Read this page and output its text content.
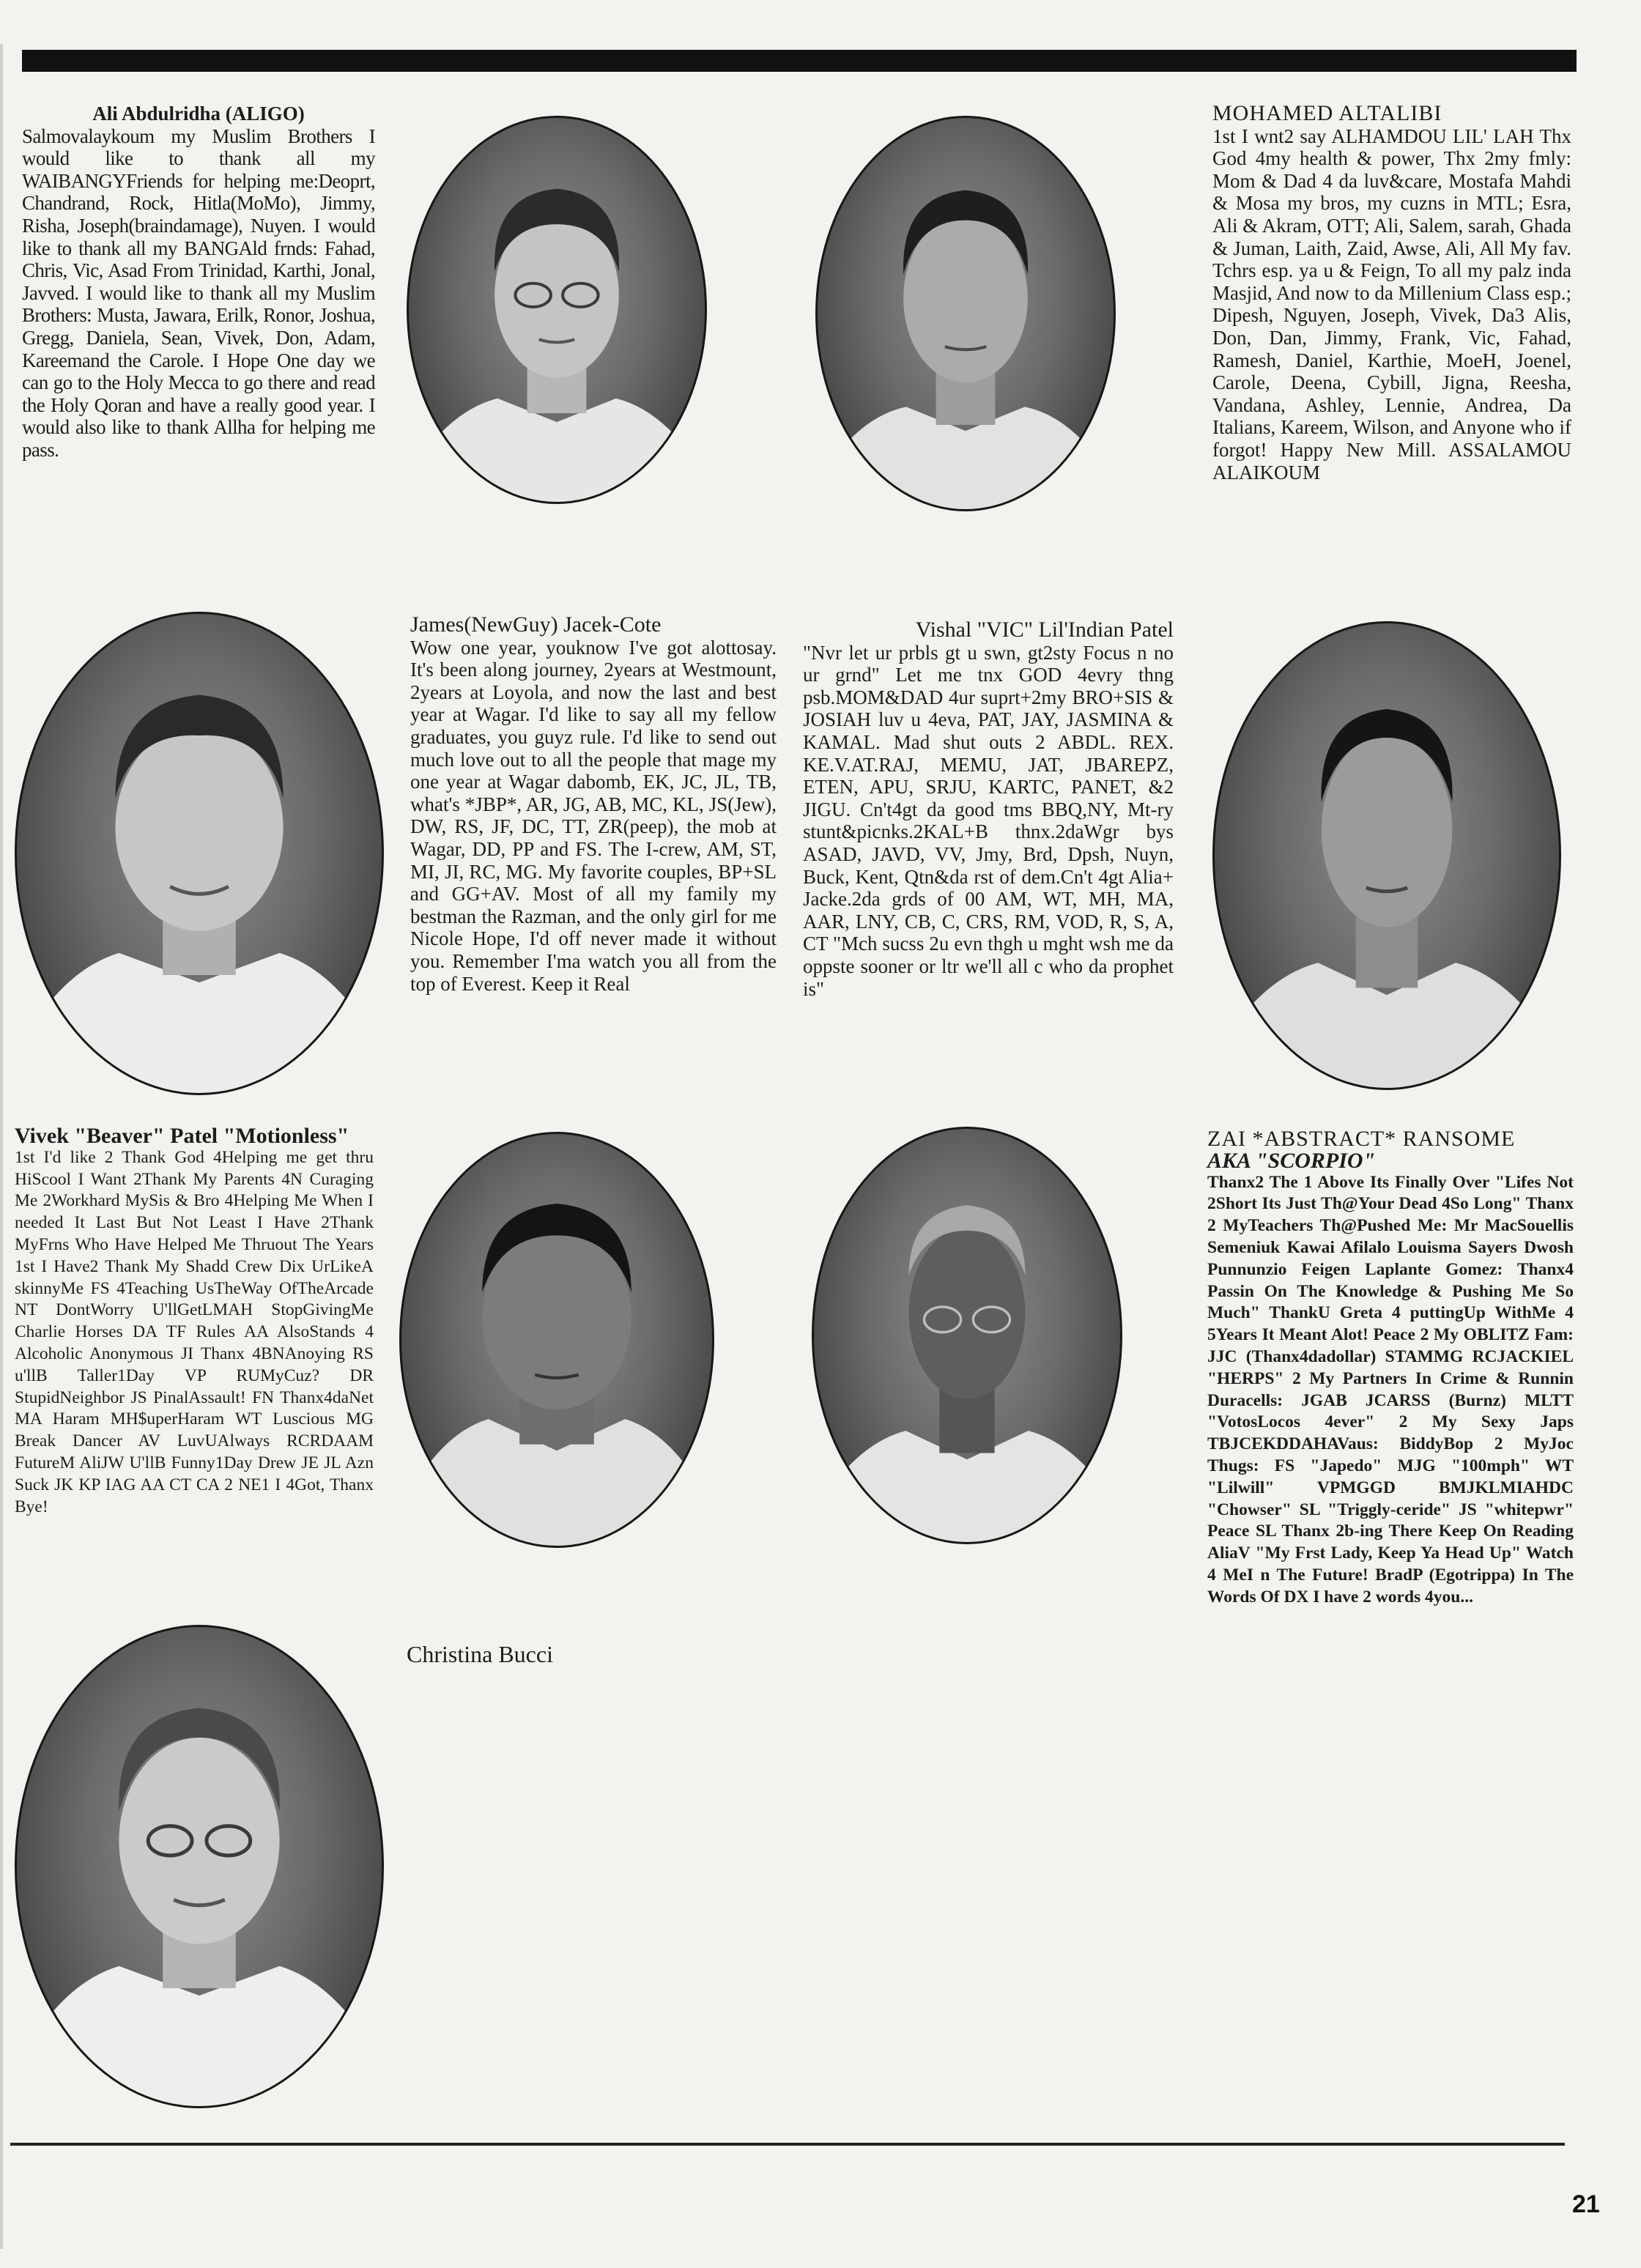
Ali Abdulridha (ALIGO)

Salmovalaykoum my Muslim Brothers I would like to thank all my WAIBANGYFriends for helping me:Deoprt, Chandrand, Rock, Hitla(MoMo), Jimmy, Risha, Joseph(braindamage), Nuyen. I would like to thank all my BANGAld frnds: Fahad, Chris, Vic, Asad From Trinidad, Karthi, Jonal, Javved. I would like to thank all my Muslim Brothers: Musta, Jawara, Erilk, Ronor, Joshua, Gregg, Daniela, Sean, Vivek, Don, Adam, Kareemand the Carole. I Hope One day we can go to the Holy Mecca to go there and read the Holy Qoran and have a really good year. I would also like to thank Allha for helping me pass.

MOHAMED ALTALIBI

1st I wnt2 say ALHAMDOU LIL' LAH Thx God 4my health & power, Thx 2my fmly: Mom & Dad 4 da luv&care, Mostafa Mahdi & Mosa my bros, my cuzns in MTL; Esra, Ali & Akram, OTT; Ali, Salem, sarah, Ghada & Juman, Laith, Zaid, Awse, Ali, All My fav. Tchrs esp. ya u & Feign, To all my palz inda Masjid, And now to da Millenium Class esp.; Dipesh, Nguyen, Joseph, Vivek, Da3 Alis, Don, Dan, Jimmy, Frank, Vic, Fahad, Ramesh, Daniel, Karthie, MoeH, Joenel, Carole, Deena, Cybill, Jigna, Reesha, Vandana, Ashley, Lennie, Andrea, Da Italians, Kareem, Wilson, and Anyone who if forgot! Happy New Mill. ASSALAMOU ALAIKOUM

James(NewGuy) Jacek-Cote

Wow one year, youknow I've got alottosay. It's been along journey, 2years at Westmount, 2years at Loyola, and now the last and best year at Wagar. I'd like to say all my fellow graduates, you guyz rule. I'd like to send out much love out to all the people that mage my one year at Wagar dabomb, EK, JC, JL, TB, what's *JBP*, AR, JG, AB, MC, KL, JS(Jew), DW, RS, JF, DC, TT, ZR(peep), the mob at Wagar, DD, PP and FS. The I-crew, AM, ST, MI, JI, RC, MG. My favorite couples, BP+SL and GG+AV. Most of all my family my bestman the Razman, and the only girl for me Nicole Hope, I'd off never made it without you. Remember I'ma watch you all from the top of Everest. Keep it Real

Vishal "VIC" Lil'Indian Patel

"Nvr let ur prbls gt u swn, gt2sty Focus n no ur grnd" Let me tnx GOD 4evry thng psb.MOM&DAD 4ur suprt+2my BRO+SIS & JOSIAH luv u 4eva, PAT, JAY, JASMINA & KAMAL. Mad shut outs 2 ABDL. REX. KE.V.AT.RAJ, MEMU, JAT, JBAREPZ, ETEN, APU, SRJU, KARTC, PANET, &2 JIGU. Cn't4gt da good tms BBQ,NY, Mt-ry stunt&picnks.2KAL+B thnx.2daWgr bys ASAD, JAVD, VV, Jmy, Brd, Dpsh, Nuyn, Buck, Kent, Qtn&da rst of dem.Cn't 4gt Alia+ Jacke.2da grds of 00 AM, WT, MH, MA, AAR, LNY, CB, C, CRS, RM, VOD, R, S, A, CT "Mch sucss 2u evn thgh u mght wsh me da oppste sooner or ltr we'll all c who da prophet is"

Vivek "Beaver" Patel "Motionless"

1st I'd like 2 Thank God 4Helping me get thru HiScool I Want 2Thank My Parents 4N Curaging Me 2Workhard MySis & Bro 4Helping Me When I needed It Last But Not Least I Have 2Thank MyFrns Who Have Helped Me Thruout The Years 1st I Have2 Thank My Shadd Crew Dix UrLikeA skinnyMe FS 4Teaching UsTheWay OfTheArcade NT DontWorry U'llGetLMAH StopGivingMe Charlie Horses DA TF Rules AA AlsoStands 4 Alcoholic Anonymous JI Thanx 4BNAnoying RS u'llB Taller1Day VP RUMyCuz? DR StupidNeighbor JS PinalAssault! FN Thanx4daNet MA Haram MH$uperHaram WT Luscious MG Break Dancer AV LuvUAlways RCRDAAM FutureM AliJW U'llB Funny1Day Drew JE JL Azn Suck JK KP IAG AA CT CA 2 NE1 I 4Got, Thanx Bye!

ZAI *ABSTRACT* RANSOME
AKA "SCORPIO"

Thanx2 The 1 Above Its Finally Over "Lifes Not 2Short Its Just Th@Your Dead 4So Long" Thanx 2 MyTeachers Th@Pushed Me: Mr MacSouellis Semeniuk Kawai Afilalo Louisma Sayers Dwosh Punnunzio Feigen Laplante Gomez: Thanx4 Passin On The Knowledge & Pushing Me So Much" ThankU Greta 4 puttingUp WithMe 4 5Years It Meant Alot! Peace 2 My OBLITZ Fam: JJC (Thanx4dadollar) STAMMG RCJACKIEL "HERPS" 2 My Partners In Crime & Runnin Duracells: JGAB JCARSS (Burnz) MLTT "VotosLocos 4ever" 2 My Sexy Japs TBJCEKDDAHAVaus: BiddyBop 2 MyJoc Thugs: FS "Japedo" MJG "100mph" WT "Lilwill" VPMGGD BMJKLMIAHDC "Chowser" SL "Triggly-ceride" JS "whitepwr" Peace SL Thanx 2b-ing There Keep On Reading AliaV "My Frst Lady, Keep Ya Head Up" Watch 4 MeI n The Future! BradP (Egotrippa) In The Words Of DX I have 2 words 4you...

Christina Bucci
21
